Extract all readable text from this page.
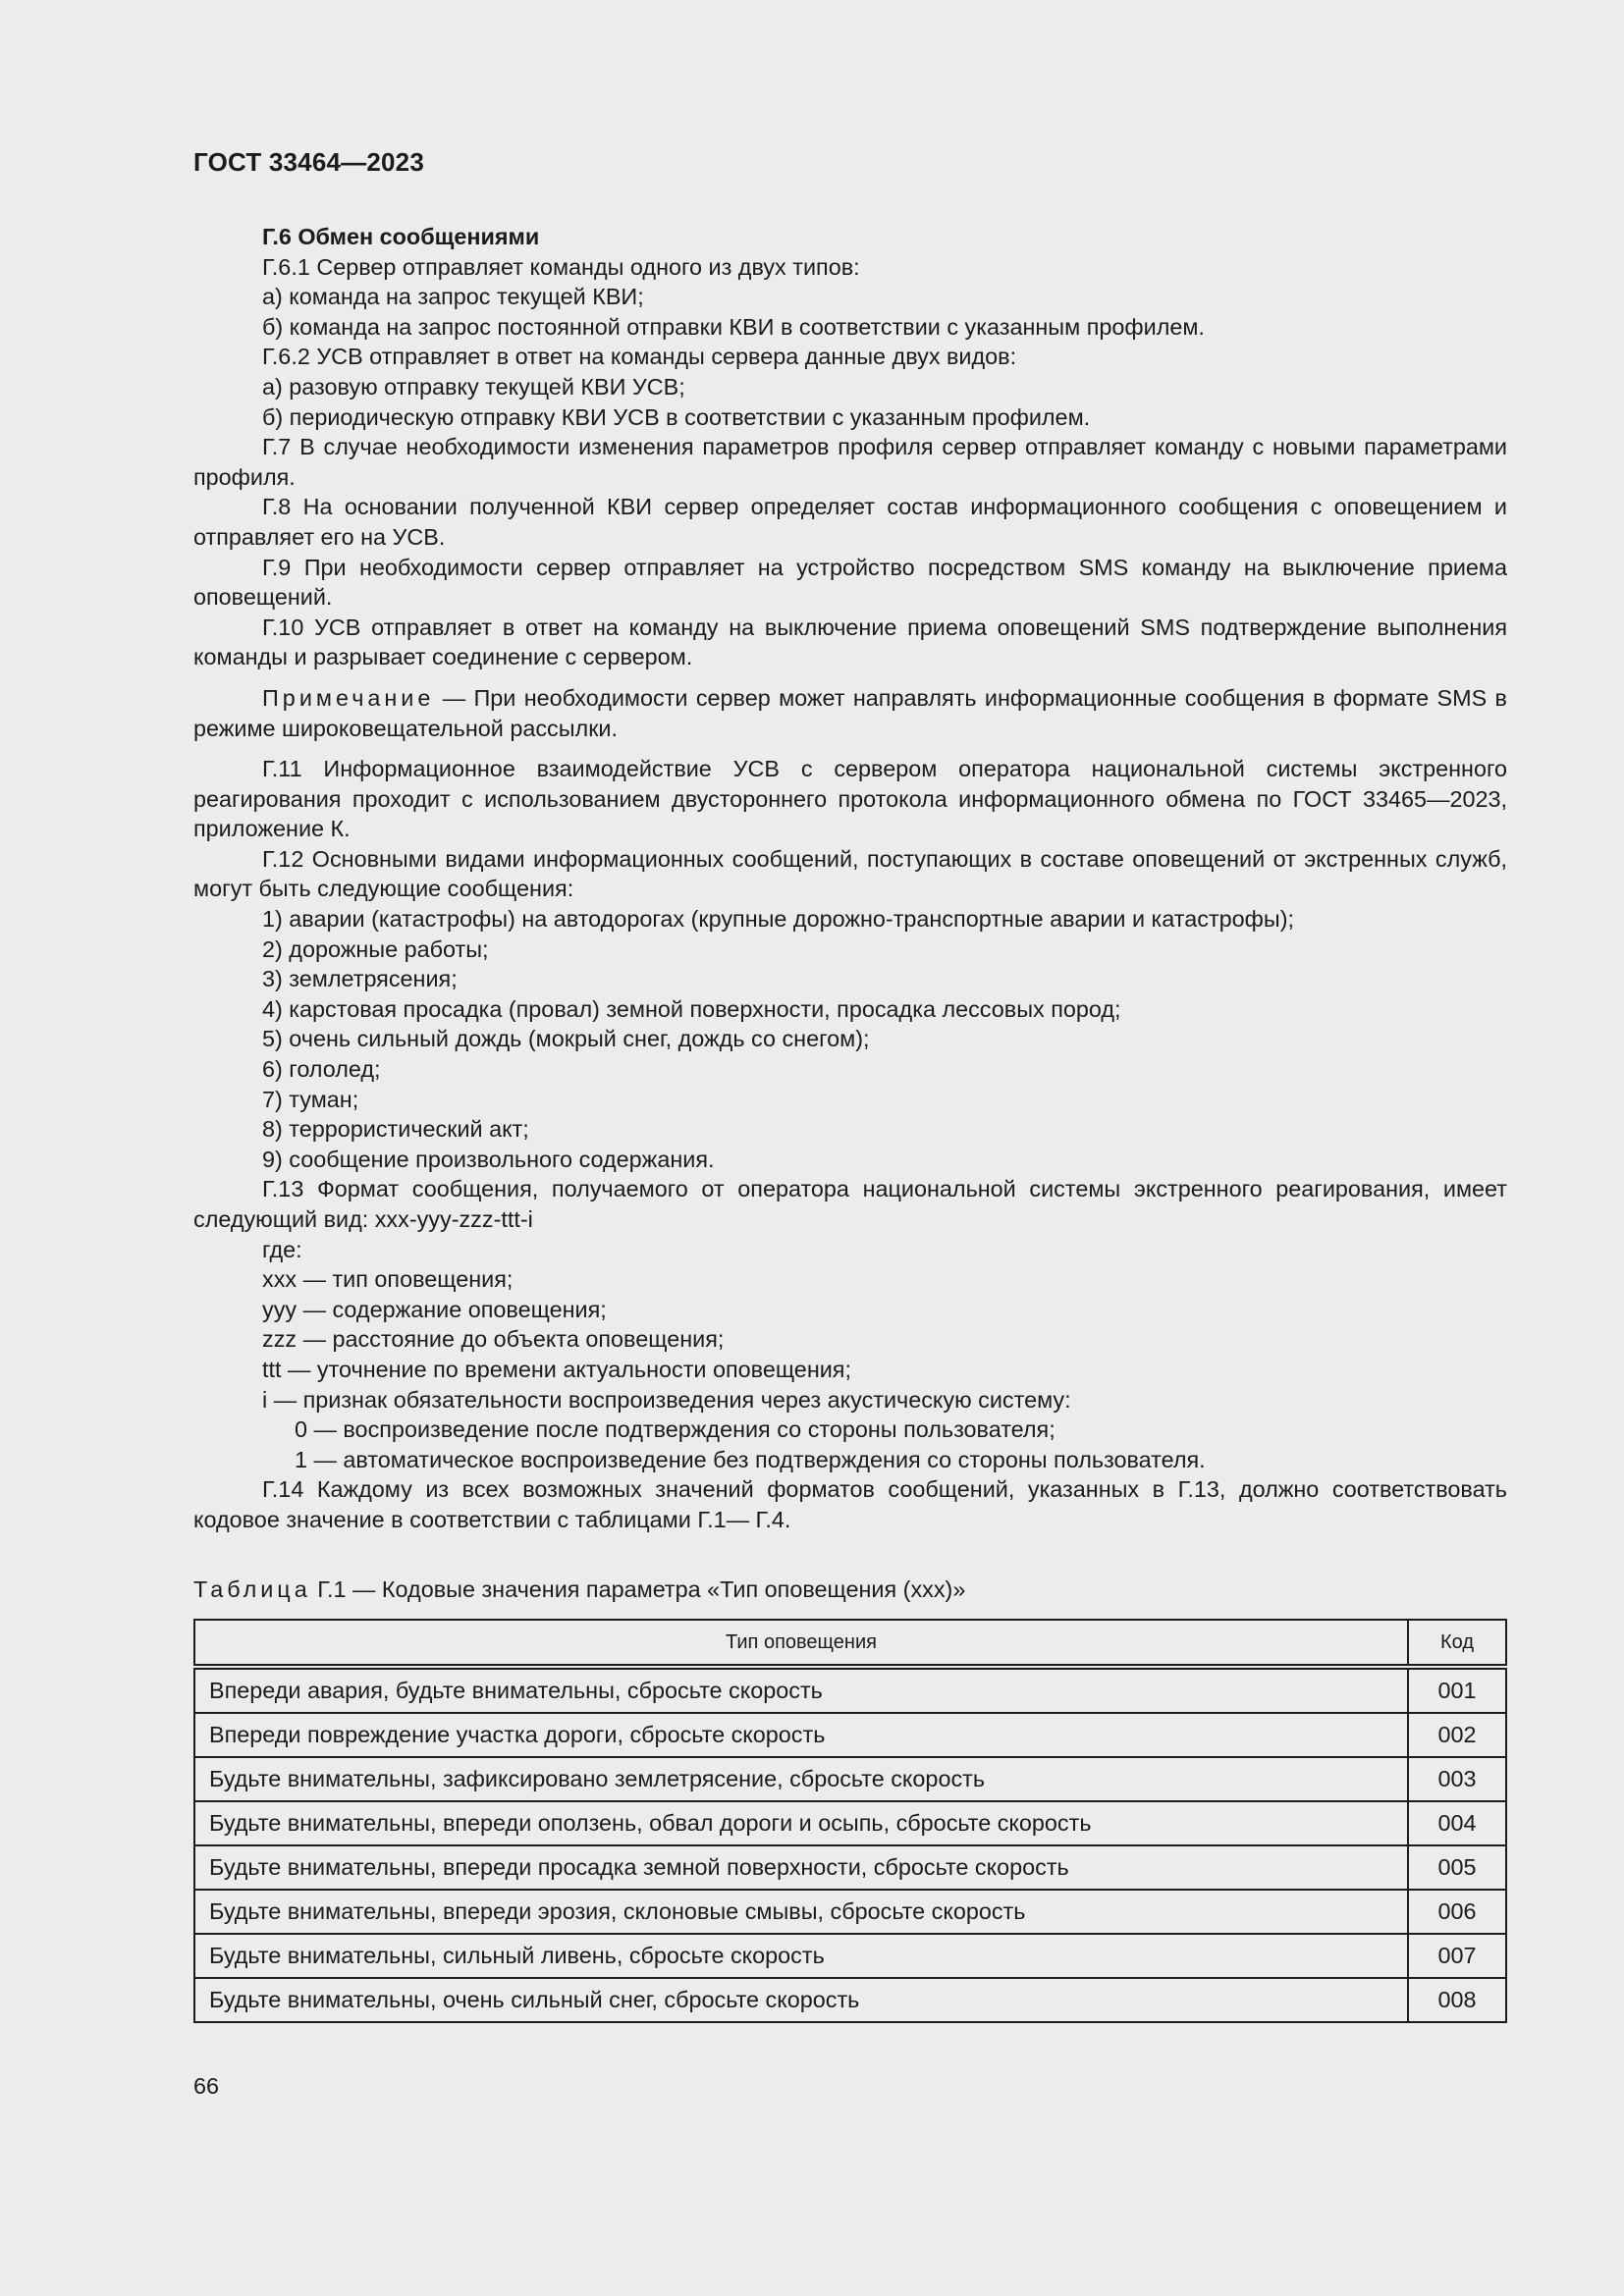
ГОСТ 33464—2023

Г.6 Обмен сообщениями

Г.6.1 Сервер отправляет команды одного из двух типов:

а) команда на запрос текущей КВИ;

б) команда на запрос постоянной отправки КВИ в соответствии с указанным профилем.

Г.6.2 УСВ отправляет в ответ на команды сервера данные двух видов:

а) разовую отправку текущей КВИ УСВ;

б) периодическую отправку КВИ УСВ в соответствии с указанным профилем.

Г.7 В случае необходимости изменения параметров профиля сервер отправляет команду с новыми параметрами профиля.

Г.8 На основании полученной КВИ сервер определяет состав информационного сообщения с оповещением и отправляет его на УСВ.

Г.9 При необходимости сервер отправляет на устройство посредством SMS команду на выключение приема оповещений.

Г.10 УСВ отправляет в ответ на команду на выключение приема оповещений SMS подтверждение выполнения команды и разрывает соединение с сервером.

Примечание — При необходимости сервер может направлять информационные сообщения в формате SMS в режиме широковещательной рассылки.

Г.11 Информационное взаимодействие УСВ с сервером оператора национальной системы экстренного реагирования проходит с использованием двустороннего протокола информационного обмена по ГОСТ 33465—2023, приложение К.

Г.12 Основными видами информационных сообщений, поступающих в составе оповещений от экстренных служб, могут быть следующие сообщения:

1) аварии (катастрофы) на автодорогах (крупные дорожно-транспортные аварии и катастрофы);

2) дорожные работы;

3) землетрясения;

4) карстовая просадка (провал) земной поверхности, просадка лессовых пород;

5) очень сильный дождь (мокрый снег, дождь со снегом);

6) гололед;

7) туман;

8) террористический акт;

9) сообщение произвольного содержания.

Г.13 Формат сообщения, получаемого от оператора национальной системы экстренного реагирования, имеет следующий вид: xxx-yyy-zzz-ttt-i

где:

xxx — тип оповещения;

yyy — содержание оповещения;

zzz — расстояние до объекта оповещения;

ttt — уточнение по времени актуальности оповещения;

i — признак обязательности воспроизведения через акустическую систему:

0 — воспроизведение после подтверждения со стороны пользователя;

1 — автоматическое воспроизведение без подтверждения со стороны пользователя.

Г.14 Каждому из всех возможных значений форматов сообщений, указанных в Г.13, должно соответствовать кодовое значение в соответствии с таблицами Г.1— Г.4.

Таблица Г.1 — Кодовые значения параметра «Тип оповещения (xxx)»
Тип оповещения	Код
Впереди авария, будьте внимательны, сбросьте скорость	001
Впереди повреждение участка дороги, сбросьте скорость	002
Будьте внимательны, зафиксировано землетрясение, сбросьте скорость	003
Будьте внимательны, впереди оползень, обвал дороги и осыпь, сбросьте скорость	004
Будьте внимательны, впереди просадка земной поверхности, сбросьте скорость	005
Будьте внимательны, впереди эрозия, склоновые смывы, сбросьте скорость	006
Будьте внимательны, сильный ливень, сбросьте скорость	007
Будьте внимательны, очень сильный снег, сбросьте скорость	008
66
